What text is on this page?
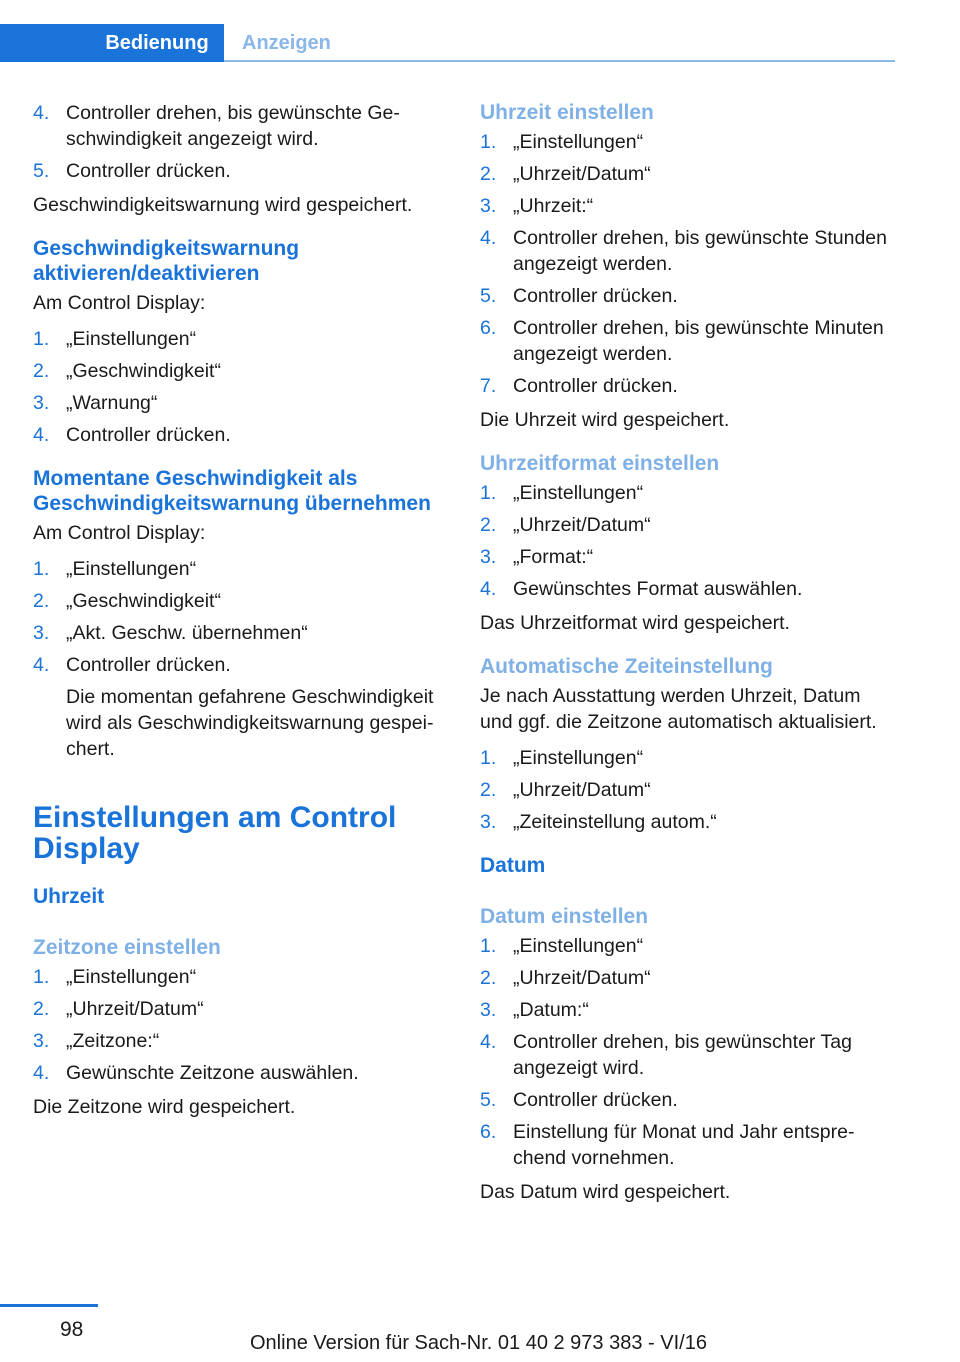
Bedienung	Anzeigen
4. Controller drehen, bis gewünschte Geschwindigkeit angezeigt wird.
5. Controller drücken.

Geschwindigkeitswarnung wird gespeichert.

Geschwindigkeitswarnung aktivieren/deaktivieren

Am Control Display:

1. „Einstellungen“
2. „Geschwindigkeit“
3. „Warnung“
4. Controller drücken.
Momentane Geschwindigkeit als Geschwindigkeitswarnung übernehmen

Am Control Display:

1. „Einstellungen“
2. „Geschwindigkeit“
3. „Akt. Geschw. übernehmen“
4. Controller drücken.
Die momentan gefahrene Geschwindigkeit wird als Geschwindigkeitswarnung gespeichert.
Einstellungen am Control Display
Uhrzeit
Zeitzone einstellen
1. „Einstellungen“
2. „Uhrzeit/Datum“
3. „Zeitzone:“
4. Gewünschte Zeitzone auswählen.

Die Zeitzone wird gespeichert.

Uhrzeit einstellen
1. „Einstellungen“
2. „Uhrzeit/Datum“
3. „Uhrzeit:“
4. Controller drehen, bis gewünschte Stunden angezeigt werden.
5. Controller drücken.
6. Controller drehen, bis gewünschte Minuten angezeigt werden.
7. Controller drücken.

Die Uhrzeit wird gespeichert.

Uhrzeitformat einstellen
1. „Einstellungen“
2. „Uhrzeit/Datum“
3. „Format:“
4. Gewünschtes Format auswählen.

Das Uhrzeitformat wird gespeichert.

Automatische Zeiteinstellung

Je nach Ausstattung werden Uhrzeit, Datum und ggf. die Zeitzone automatisch aktualisiert.

1. „Einstellungen“
2. „Uhrzeit/Datum“
3. „Zeiteinstellung autom.“
Datum
Datum einstellen
1. „Einstellungen“
2. „Uhrzeit/Datum“
3. „Datum:“
4. Controller drehen, bis gewünschter Tag angezeigt wird.
5. Controller drücken.
6. Einstellung für Monat und Jahr entsprechend vornehmen.

Das Datum wird gespeichert.

98
Online Version für Sach-Nr. 01 40 2 973 383 - VI/16
